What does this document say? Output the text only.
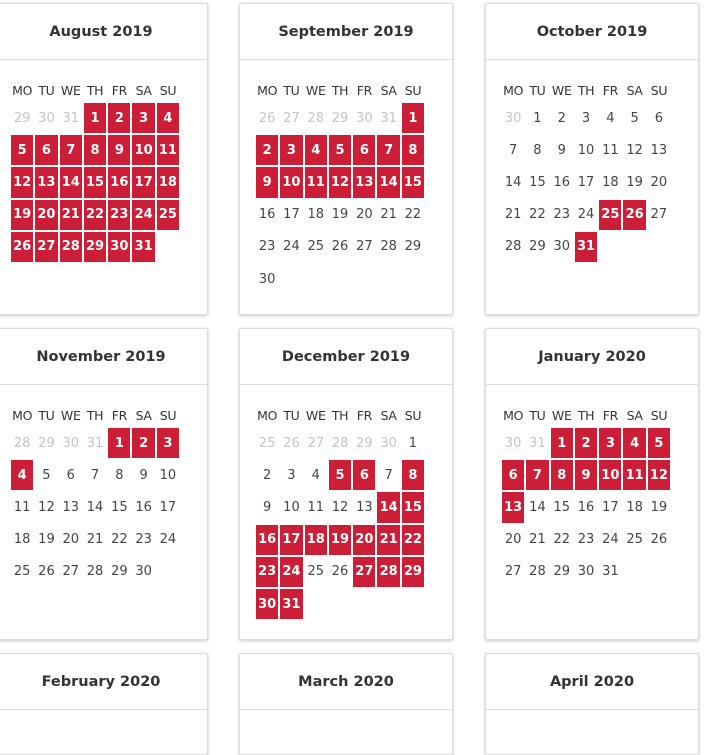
August 2019
MO TU WE TH FR SA SU
29 30 31 1	2	3	4
5	6	7	8	9 10 11
12 13 14 15 16 17 18
19 20 21 22 23 24 25
26 27 28 29 30 31
September 2019
MO TU WE TH FR SA SU
26 27 28 29 30 31 1
2	3	4	5	6	7	8
9 10 11 12 13 14 15
16 17 18 19 20 21 22
23 24 25 26 27 28 29
30
October 2019
MO TU WE TH FR SA SU
30 1	2	3	4	5	6
7	8	9 10 11 12 13
14 15 16 17 18 19 20
21 22 23 24 25 26 27
28 29 30 31
November 2019
MO TU WE TH FR SA SU
28 29 30 31 1	2	3
4	5	6	7	8	9 10
11 12 13 14 15 16 17
18 19 20 21 22 23 24
25 26 27 28 29 30
December 2019
MO TU WE TH FR SA SU
25 26 27 28 29 30 1
2	3	4	5	6	7	8
9 10 11 12 13 14 15
16 17 18 19 20 21 22
23 24 25 26 27 28 29
30 31
January 2020
MO TU WE TH FR SA SU
30 31 1	2	3	4	5
6	7	8	9 10 11 12
13 14 15 16 17 18 19
20 21 22 23 24 25 26
27 28 29 30 31
February 2020	March 2020	April 2020
